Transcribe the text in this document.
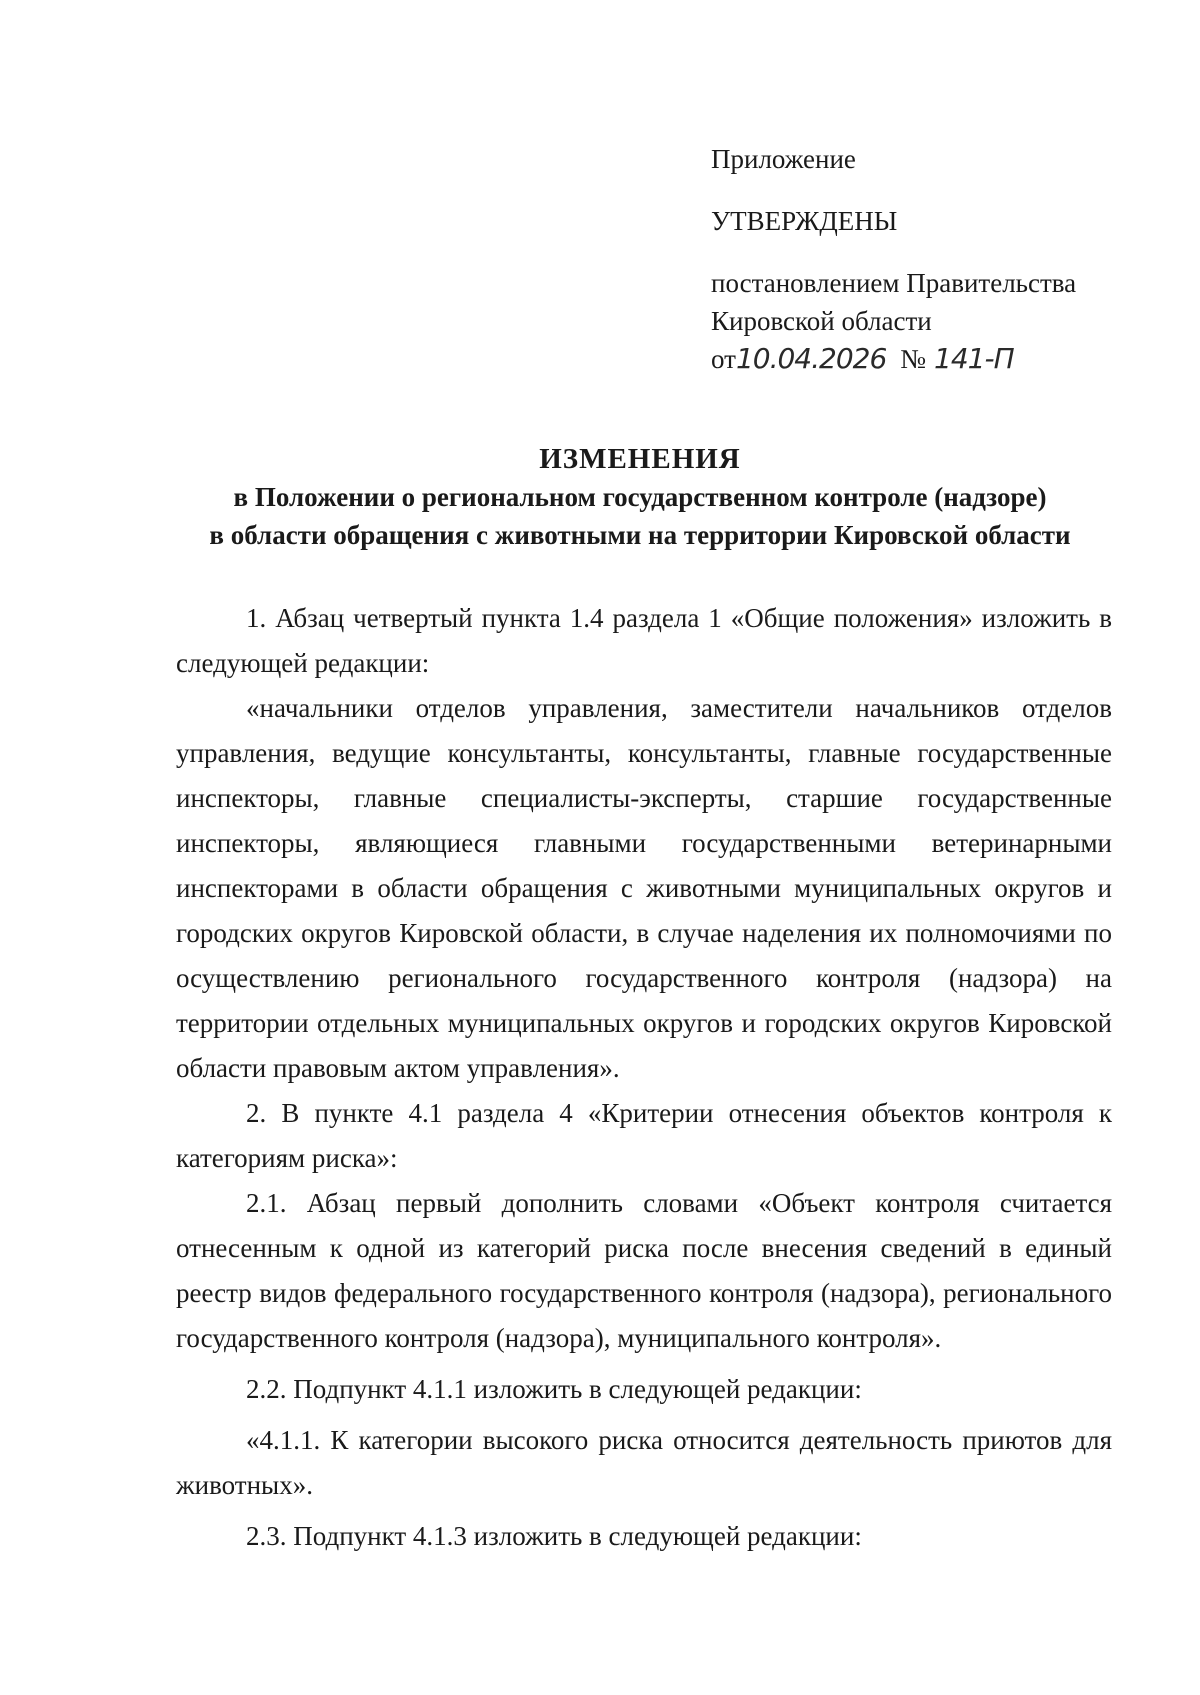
Приложение

УТВЕРЖДЕНЫ

постановлением Правительства
Кировской области
от10.04.2026 № 141-П
ИЗМЕНЕНИЯ
в Положении о региональном государственном контроле (надзоре)
в области обращения с животными на территории Кировской области

1. Абзац четвертый пункта 1.4 раздела 1 «Общие положения» изложить в следующей редакции:

«начальники отделов управления, заместители начальников отделов управления, ведущие консультанты, консультанты, главные государственные инспекторы, главные специалисты-эксперты, старшие государственные инспекторы, являющиеся главными государственными ветеринарными инспекторами в области обращения с животными муниципальных округов и городских округов Кировской области, в случае наделения их полномочиями по осуществлению регионального государственного контроля (надзора) на территории отдельных муниципальных округов и городских округов Кировской области правовым актом управления».

2. В пункте 4.1 раздела 4 «Критерии отнесения объектов контроля к категориям риска»:

2.1. Абзац первый дополнить словами «Объект контроля считается отнесенным к одной из категорий риска после внесения сведений в единый реестр видов федерального государственного контроля (надзора), регионального государственного контроля (надзора), муниципального контроля».

2.2. Подпункт 4.1.1 изложить в следующей редакции:

«4.1.1. К категории высокого риска относится деятельность приютов для животных».

2.3. Подпункт 4.1.3 изложить в следующей редакции:
